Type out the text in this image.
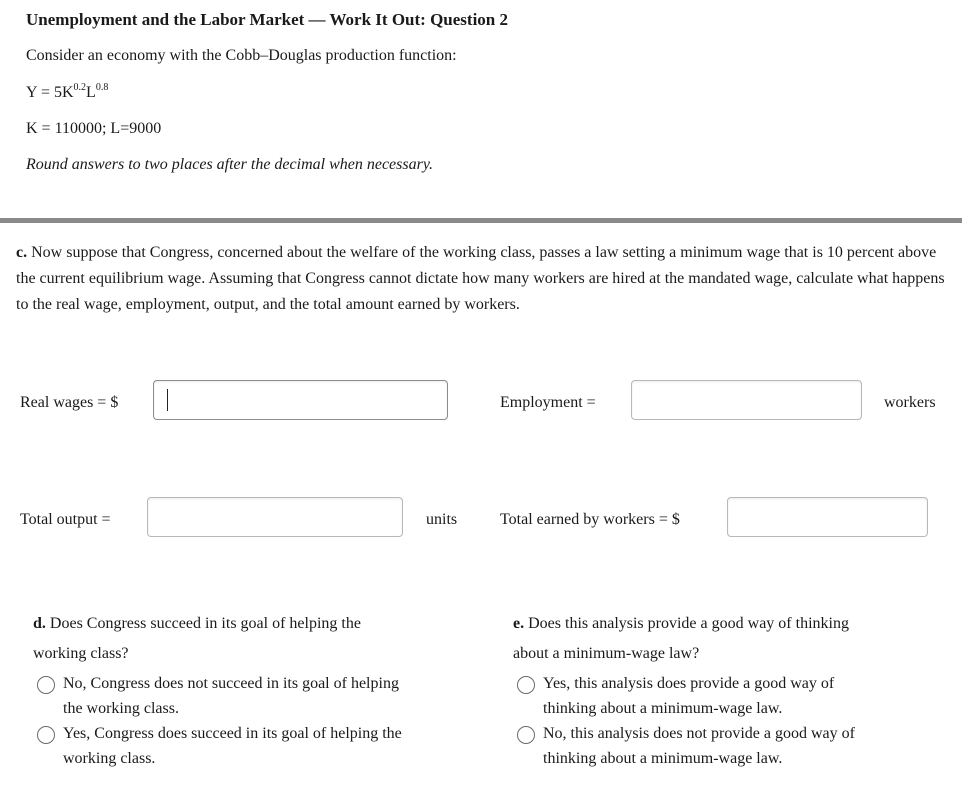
Unemployment and the Labor Market — Work It Out: Question 2
Consider an economy with the Cobb–Douglas production function:
$Y = 5K^{0.2}L^{0.8}$
K = 110000; L=9000
Round answers to two places after the decimal when necessary.
c. Now suppose that Congress, concerned about the welfare of the working class, passes a law setting a minimum wage that is 10 percent above the current equilibrium wage. Assuming that Congress cannot dictate how many workers are hired at the mandated wage, calculate what happens to the real wage, employment, output, and the total amount earned by workers.
Real wages = $	Employment =	workers
Total output =	units	Total earned by workers = $
d. Does Congress succeed in its goal of helping the
working class?
No, Congress does not succeed in its goal of helping
the working class.
Yes, Congress does succeed in its goal of helping the
working class.
e. Does this analysis provide a good way of thinking
about a minimum-wage law?
Yes, this analysis does provide a good way of
thinking about a minimum-wage law.
No, this analysis does not provide a good way of
thinking about a minimum-wage law.
